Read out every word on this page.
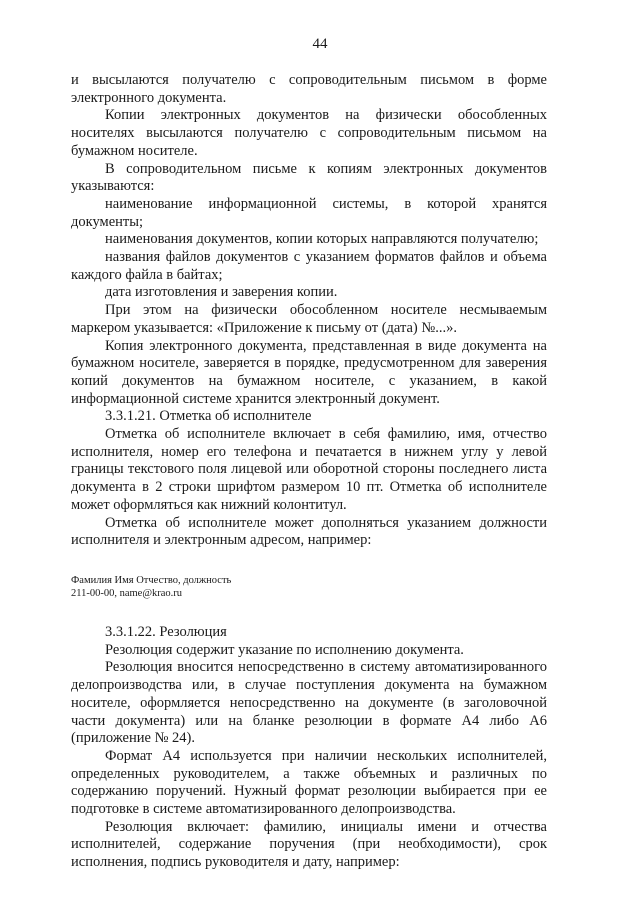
44

и высылаются получателю с сопроводительным письмом в форме электронного документа.

Копии электронных документов на физически обособленных носителях высылаются получателю с сопроводительным письмом на бумажном носителе.

В сопроводительном письме к копиям электронных документов указываются:

наименование информационной системы, в которой хранятся документы;

наименования документов, копии которых направляются получателю;

названия файлов документов с указанием форматов файлов и объема каждого файла в байтах;

дата изготовления и заверения копии.

При этом на физически обособленном носителе несмываемым маркером указывается: «Приложение к письму от (дата) №...».

Копия электронного документа, представленная в виде документа на бумажном носителе, заверяется в порядке, предусмотренном для заверения копий документов на бумажном носителе, с указанием, в какой информационной системе хранится электронный документ.

3.3.1.21. Отметка об исполнителе

Отметка об исполнителе включает в себя фамилию, имя, отчество исполнителя, номер его телефона и печатается в нижнем углу у левой границы текстового поля лицевой или оборотной стороны последнего листа документа в 2 строки шрифтом размером 10 пт. Отметка об исполнителе может оформляться как нижний колонтитул.

Отметка об исполнителе может дополняться указанием должности исполнителя и электронным адресом, например:

Фамилия Имя Отчество, должность

211-00-00, name@krao.ru

3.3.1.22. Резолюция

Резолюция содержит указание по исполнению документа.

Резолюция вносится непосредственно в систему автоматизированного делопроизводства или, в случае поступления документа на бумажном носителе, оформляется непосредственно на документе (в заголовочной части документа) или на бланке резолюции в формате А4 либо А6 (приложение № 24).

Формат А4 используется при наличии нескольких исполнителей, определенных руководителем, а также объемных и различных по содержанию поручений. Нужный формат резолюции выбирается при ее подготовке в системе автоматизированного делопроизводства.

Резолюция включает: фамилию, инициалы имени и отчества исполнителей, содержание поручения (при необходимости), срок исполнения, подпись руководителя и дату, например:
